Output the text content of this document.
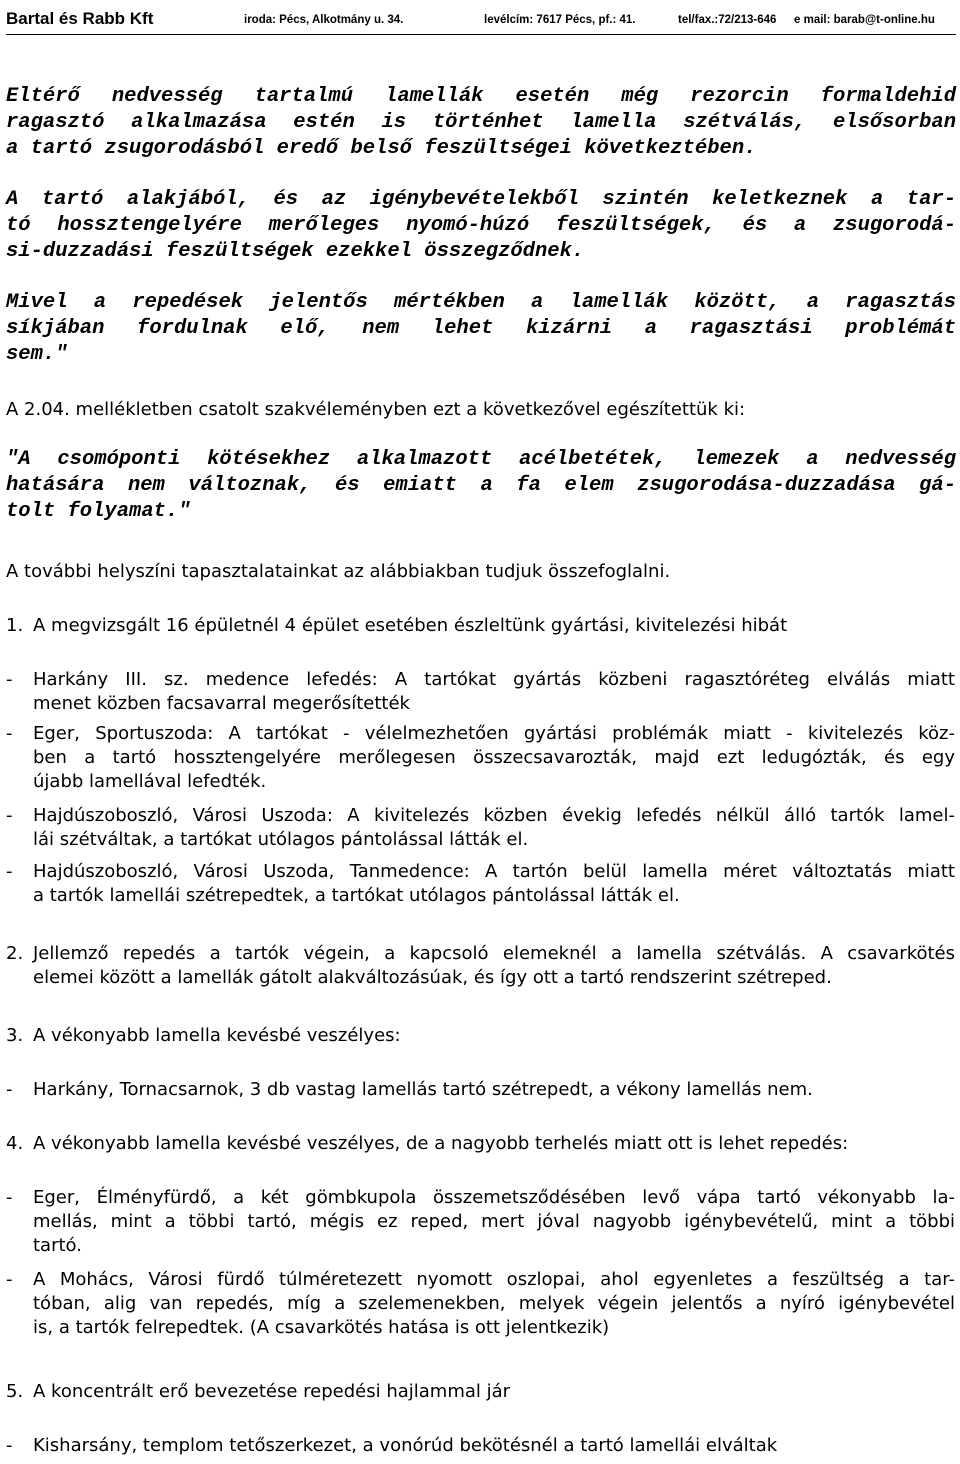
Bartal és Rabb Kft	iroda: Pécs, Alkotmány u. 34.	levélcím: 7617 Pécs, pf.: 41.	tel/fax.:72/213-646 e mail: barab@t-online.hu
Eltérő nedvesség tartalmú lamellák esetén még rezorcin formaldehid
ragasztó alkalmazása estén is történhet lamella szétválás, elsősorban
a tartó zsugorodásból eredő belső feszültségei következtében.
A tartó alakjából, és az igénybevételekből szintén keletkeznek a tar-
tó hossztengelyére merőleges nyomó-húzó feszültségek, és a zsugorodá-
si-duzzadási feszültségek ezekkel összegződnek.
Mivel a repedések jelentős mértékben a lamellák között, a ragasztás
síkjában fordulnak elő, nem lehet kizárni a ragasztási problémát
sem."

A 2.04. mellékletben csatolt szakvéleményben ezt a következővel egészítettük ki:

"A csomóponti kötésekhez alkalmazott acélbetétek, lemezek a nedvesség
hatására nem változnak, és emiatt a fa elem zsugorodása-duzzadása gá-
tolt folyamat."

A további helyszíni tapasztalatainkat az alábbiakban tudjuk összefoglalni.

1. A megvizsgált 16 épületnél 4 épület esetében észleltünk gyártási, kivitelezési hibát

- Harkány III. sz. medence lefedés: A tartókat gyártás közbeni ragasztóréteg elválás miatt
menet közben facsavarral megerősítették
- Eger, Sportuszoda: A tartókat - vélelmezhetően gyártási problémák miatt - kivitelezés köz-
ben a tartó hossztengelyére merőlegesen összecsavarozták, majd ezt ledugózták, és egy
újabb lamellával lefedték.
- Hajdúszoboszló, Városi Uszoda: A kivitelezés közben évekig lefedés nélkül álló tartók lamel-
lái szétváltak, a tartókat utólagos pántolással látták el.
- Hajdúszoboszló, Városi Uszoda, Tanmedence: A tartón belül lamella méret változtatás miatt
a tartók lamellái szétrepedtek, a tartókat utólagos pántolással látták el.
2. Jellemző repedés a tartók végein, a kapcsoló elemeknél a lamella szétválás. A csavarkötés
elemei között a lamellák gátolt alakváltozásúak, és így ott a tartó rendszerint szétreped.
3. A vékonyabb lamella kevésbé veszélyes:

- Harkány, Tornacsarnok, 3 db vastag lamellás tartó szétrepedt, a vékony lamellás nem.
4. A vékonyabb lamella kevésbé veszélyes, de a nagyobb terhelés miatt ott is lehet repedés:

- Eger, Élményfürdő, a két gömbkupola összemetsződésében levő vápa tartó vékonyabb la-
mellás, mint a többi tartó, mégis ez reped, mert jóval nagyobb igénybevételű, mint a többi
tartó.
- A Mohács, Városi fürdő túlméretezett nyomott oszlopai, ahol egyenletes a feszültség a tar-
tóban, alig van repedés, míg a szelemenekben, melyek végein jelentős a nyíró igénybevétel
is, a tartók felrepedtek. (A csavarkötés hatása is ott jelentkezik)
5. A koncentrált erő bevezetése repedési hajlammal jár

- Kisharsány, templom tetőszerkezet, a vonórúd bekötésnél a tartó lamellái elváltak
